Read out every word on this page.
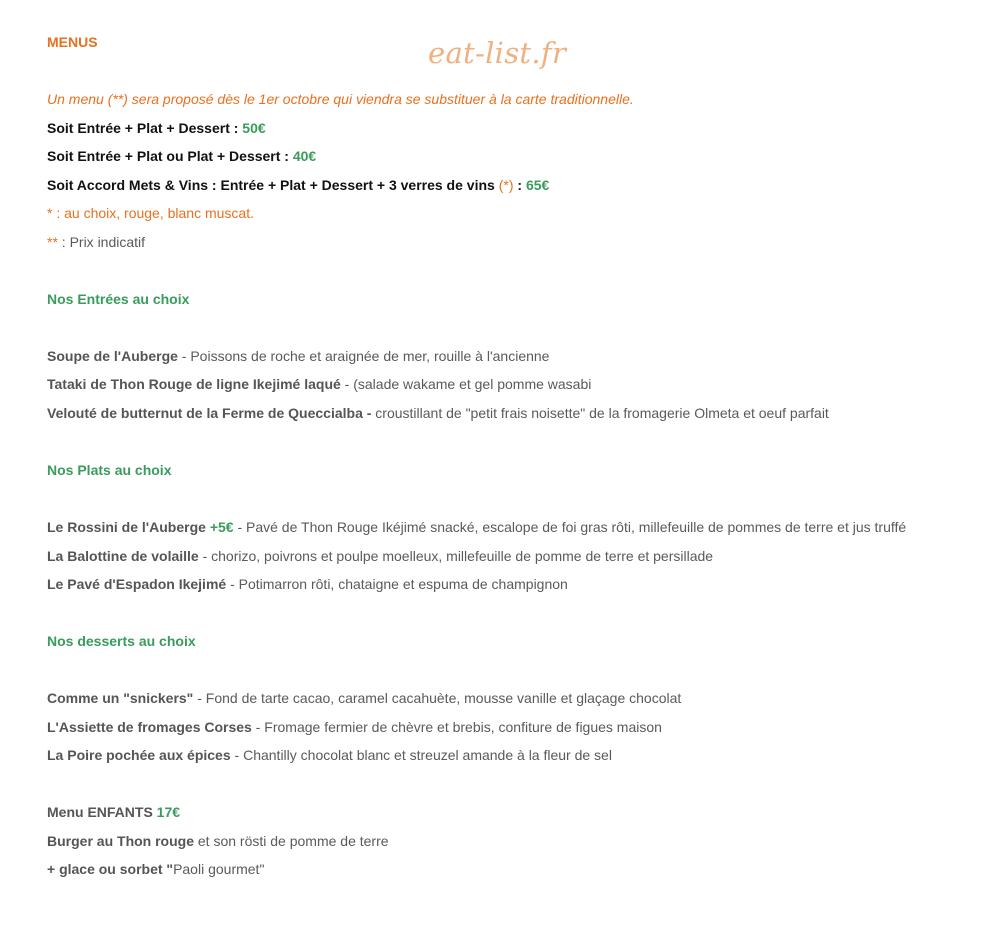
eat-list.fr
MENUS
Un menu (**) sera proposé dès le 1er octobre qui viendra se substituer à la carte traditionnelle.
Soit Entrée + Plat + Dessert : 50€
Soit Entrée + Plat ou Plat + Dessert : 40€
Soit Accord Mets & Vins : Entrée + Plat + Dessert + 3 verres de vins (*) : 65€
* : au choix, rouge, blanc muscat.
** : Prix indicatif
Nos Entrées au choix
Soupe de l'Auberge - Poissons de roche et araignée de mer, rouille à l'ancienne
Tataki de Thon Rouge de ligne Ikejimé laqué - (salade wakame et gel pomme wasabi
Velouté de butternut de la Ferme de Queccialba - croustillant de "petit frais noisette" de la fromagerie Olmeta et oeuf parfait
Nos Plats au choix
Le Rossini de l'Auberge +5€ - Pavé de Thon Rouge Ikéjimé snacké, escalope de foi gras rôti, millefeuille de pommes de terre et jus truffé
La Balottine de volaille - chorizo, poivrons et poulpe moelleux, millefeuille de pomme de terre et persillade
Le Pavé d'Espadon Ikejimé - Potimarron rôti, chataigne et espuma de champignon
Nos desserts au choix
Comme un "snickers" - Fond de tarte cacao, caramel cacahuète, mousse vanille et glaçage chocolat
L'Assiette de fromages Corses - Fromage fermier de chèvre et brebis, confiture de figues maison
La Poire pochée aux épices - Chantilly chocolat blanc et streuzel amande à la fleur de sel
Menu ENFANTS 17€
Burger au Thon rouge et son rösti de pomme de terre
+ glace ou sorbet "Paoli gourmet"
